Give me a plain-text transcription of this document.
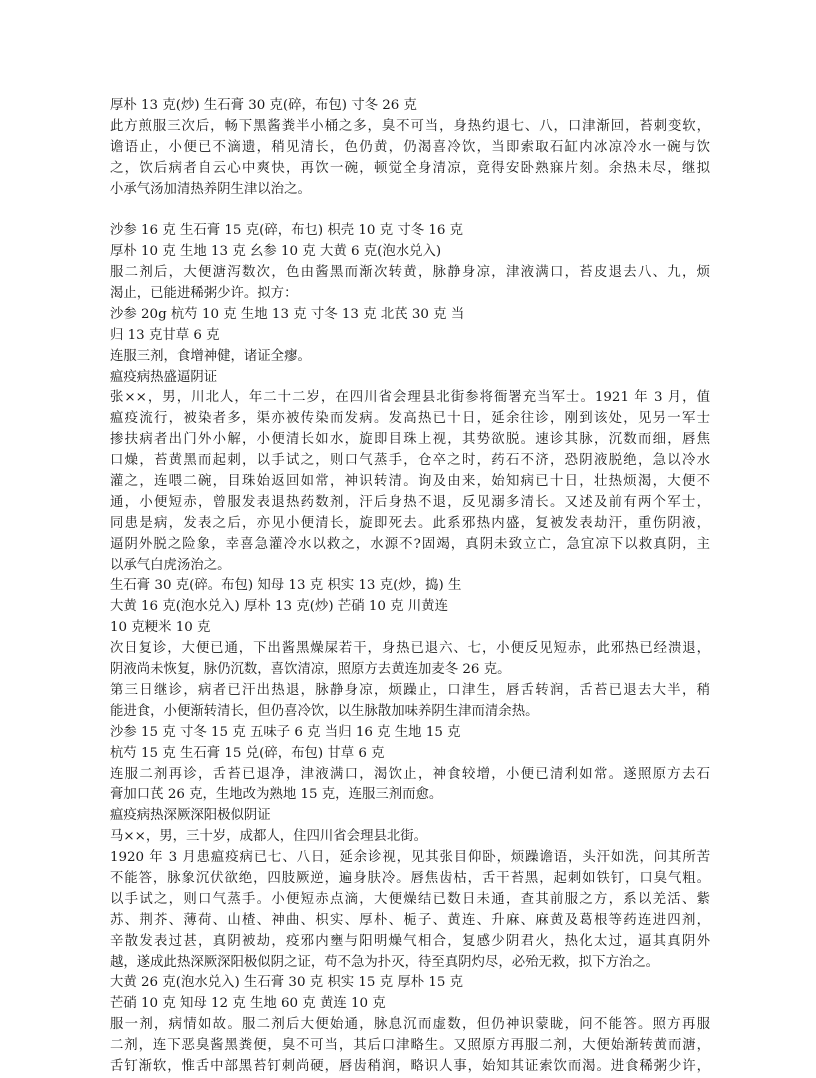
厚朴 13 克(炒) 生石膏 30 克(碎，布包) 寸冬 26 克
此方煎服三次后，畅下黑酱粪半小桶之多，臭不可当，身热约退七、八，口津渐回，苔刺变软，
谵语止，小便已不滴遗，稍见清长，色仍黄，仍渴喜冷饮，当即索取石缸内冰凉冷水一碗与饮
之，饮后病者自云心中爽快，再饮一碗，顿觉全身清凉，竟得安卧熟寐片刻。余热未尽，继拟
小承气汤加清热养阴生津以治之。
沙参 16 克 生石膏 15 克(碎，布乜) 枳壳 10 克 寸冬 16 克
厚朴 10 克 生地 13 克 幺参 10 克 大黄 6 克(泡水兑入)
服二剂后，大便溏泻数次，色由酱黑而渐次转黄，脉静身凉，津液满口，苔皮退去八、九，烦
渴止，已能进稀粥少许。拟方：
沙参 20g 杭芍 10 克 生地 13 克 寸冬 13 克 北芪 30 克 当
归 13 克甘草 6 克
连服三剂，食增神健，诸证全瘳。
瘟疫病热盛逼阴证
张××，男，川北人，年二十二岁，在四川省会理县北街参将衙署充当军士。1921 年 3 月，值
瘟疫流行，被染者多，渠亦被传染而发病。发高热已十日，延余往诊，刚到该处，见另一军士
掺扶病者出门外小解，小便清长如水，旋即目珠上视，其势欲脱。速诊其脉，沉数而细，唇焦
口燥，苔黄黑而起刺，以手试之，则口气蒸手，仓卒之时，药石不济，恐阴液脱绝，急以冷水
灌之，连喂二碗，目珠始返回如常，神识转清。询及由来，始知病已十日，壮热烦渴，大便不
通，小便短赤，曾服发表退热药数剂，汗后身热不退，反见溺多清长。又述及前有两个军士，
同患是病，发表之后，亦见小便清长，旋即死去。此系邪热内盛，复被发表劫汗，重伤阴液，
逼阴外脱之险象，幸喜急灌冷水以救之，水源不?固竭，真阴未致立亡，急宜凉下以救真阴，主
以承气白虎汤治之。
生石膏 30 克(碎。布包) 知母 13 克 枳实 13 克(炒，捣) 生
大黄 16 克(泡水兑入) 厚朴 13 克(炒) 芒硝 10 克 川黄连
10 克粳米 10 克
次日复诊，大便已通，下出酱黑燥屎若干，身热已退六、七，小便反见短赤，此邪热已经溃退，
阴液尚未恢复，脉仍沉数，喜饮清凉，照原方去黄连加麦冬 26 克。
第三日继诊，病者已汗出热退，脉静身凉，烦躁止，口津生，唇舌转润，舌苔已退去大半，稍
能进食，小便渐转清长，但仍喜冷饮，以生脉散加味养阴生津而清余热。
沙参 15 克 寸冬 15 克 五味子 6 克 当归 16 克 生地 15 克
杭芍 15 克 生石膏 15 兑(碎，布包) 甘草 6 克
连服二剂再诊，舌苔已退净，津液满口，渴饮止，神食较增，小便已清利如常。遂照原方去石
膏加口芪 26 克，生地改为熟地 15 克，连服三剂而愈。
瘟疫病热深厥深阳极似阴证
马××，男，三十岁，成都人，住四川省会理县北街。
1920 年 3 月患瘟疫病已七、八日，延余诊视，见其张目仰卧，烦躁谵语，头汗如洗，问其所苦
不能答，脉象沉伏欲绝，四肢厥逆，遍身肤冷。唇焦齿枯，舌干苔黑，起刺如铁钉，口臭气粗。
以手试之，则口气蒸手。小便短赤点滴，大便燥结已数日未通，查其前服之方，系以羌活、紫
苏、荆芥、薄荷、山楂、神曲、枳实、厚朴、栀子、黄连、升麻、麻黄及葛根等药连进四剂，
辛散发表过甚，真阴被劫，疫邪内壅与阳明燥气相合，复感少阴君火，热化太过，逼其真阴外
越，遂成此热深厥深阳极似阴之证，苟不急为扑灭，待至真阴灼尽，必殆无救，拟下方治之。
大黄 26 克(泡水兑入) 生石膏 30 克 枳实 15 克 厚朴 15 克
芒硝 10 克 知母 12 克 生地 60 克 黄连 10 克
服一剂，病情如故。服二剂后大便始通，脉息沉而虚数，但仍神识蒙眬，问不能答。照方再服
二剂，连下恶臭酱黑粪便，臭不可当，其后口津略生。又照原方再服二剂，大便始渐转黄而溏，
舌钉渐软，惟舌中部黑苔钉刺尚硬，唇齿稍润，略识人事，始知其证索饮而渴。进食稀粥少许，
